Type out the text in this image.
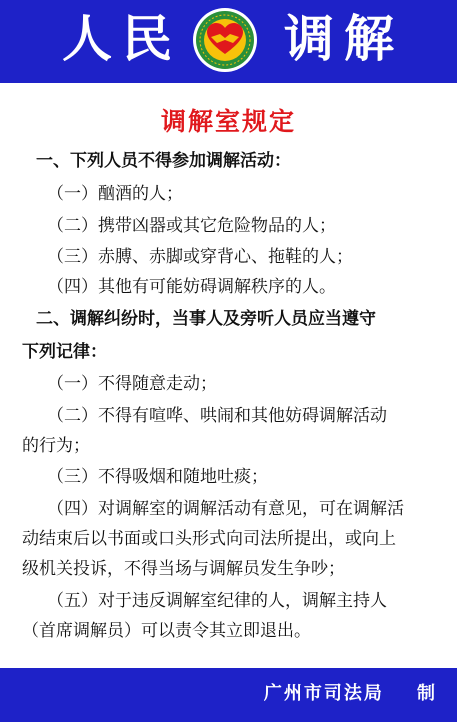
人民 调解
调解室规定
一、下列人员不得参加调解活动：
（一）酗酒的人；
（二）携带凶器或其它危险物品的人；
（三）赤膊、赤脚或穿背心、拖鞋的人；
（四）其他有可能妨碍调解秩序的人。
二、调解纠纷时，当事人及旁听人员应当遵守
下列记律：
（一）不得随意走动；
（二）不得有喧哗、哄闹和其他妨碍调解活动
的行为；
（三）不得吸烟和随地吐痰；
（四）对调解室的调解活动有意见，可在调解活
动结束后以书面或口头形式向司法所提出，或向上
级机关投诉，不得当场与调解员发生争吵；
（五）对于违反调解室纪律的人，调解主持人
（首席调解员）可以责令其立即退出。
广州市司法局    制
